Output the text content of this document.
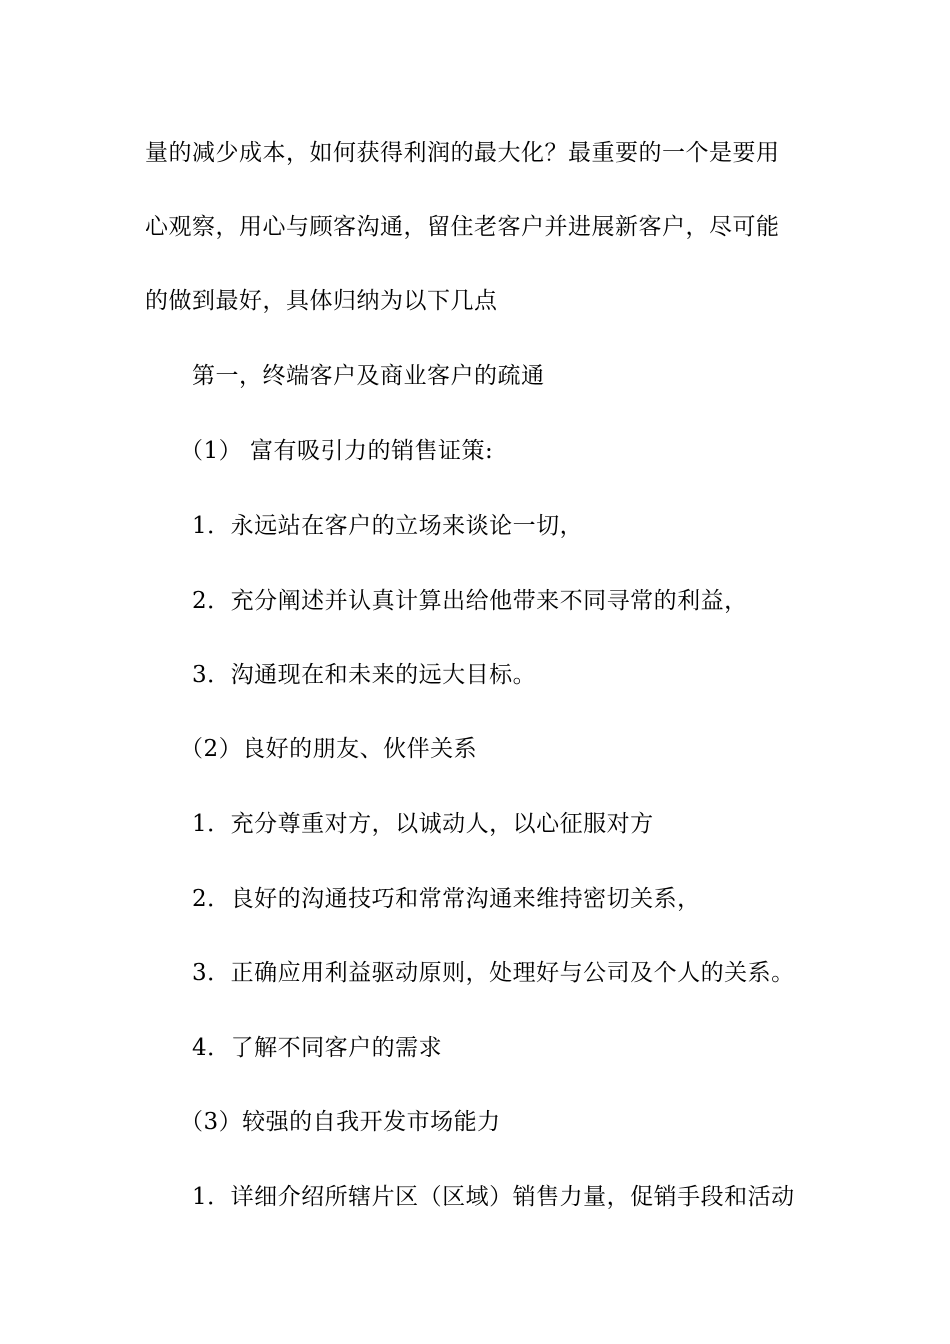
量的减少成本，如何获得利润的最大化？最重要的一个是要用
心观察，用心与顾客沟通，留住老客户并进展新客户，尽可能
的做到最好，具体归纳为以下几点
第一，终端客户及商业客户的疏通
（1） 富有吸引力的销售证策:
1．永远站在客户的立场来谈论一切，
2．充分阐述并认真计算出给他带来不同寻常的利益，
3．沟通现在和未来的远大目标。
（2）良好的朋友、伙伴关系
1．充分尊重对方，以诚动人，以心征服对方
2．良好的沟通技巧和常常沟通来维持密切关系，
3．正确应用利益驱动原则，处理好与公司及个人的关系。
4．了解不同客户的需求
（3）较强的自我开发市场能力
1．详细介绍所辖片区（区域）销售力量，促销手段和活动
